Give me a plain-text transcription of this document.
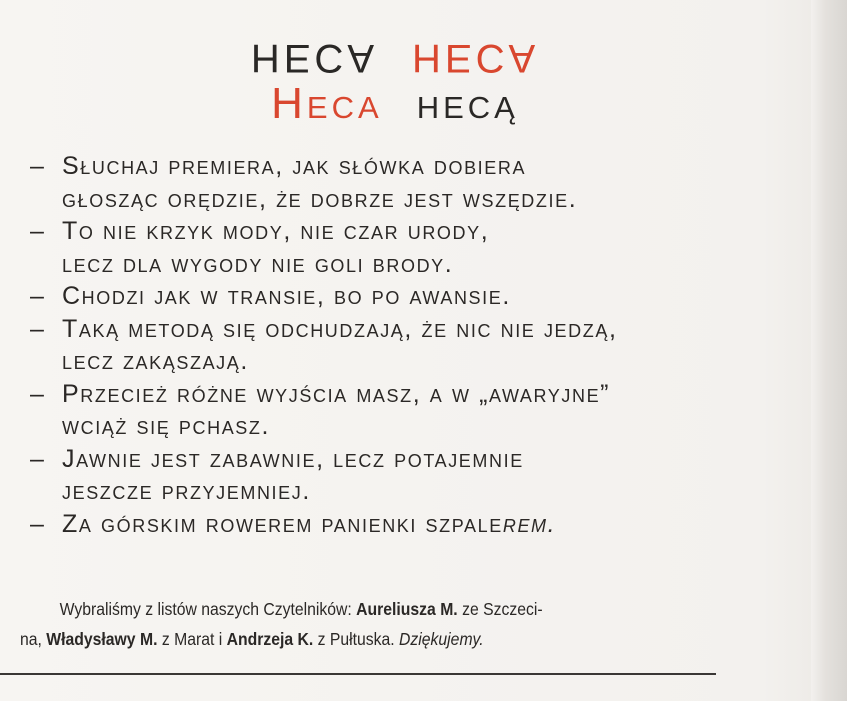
HECA HECA
Heca hecą
– Słuchaj premiera, jak słówka dobiera
głosząc orędzie, że dobrze jest wszędzie.
– To nie krzyk mody, nie czar urody,
lecz dla wygody nie goli brody.
– Chodzi jak w transie, bo po awansie.
– Taką metodą się odchudzają, że nic nie jedzą,
lecz zakąszają.
– Przecież różne wyjścia masz, a w „awaryjne”
wciąż się pchasz.
– Jawnie jest zabawnie, lecz potajemnie
jeszcze przyjemniej.
– Za górskim rowerem panienki szpalerem.

Wybraliśmy z listów naszych Czytelników: Aureliusza M. ze Szczeci-

na, Władysławy M. z Marat i Andrzeja K. z Pułtuska. Dziękujemy.
